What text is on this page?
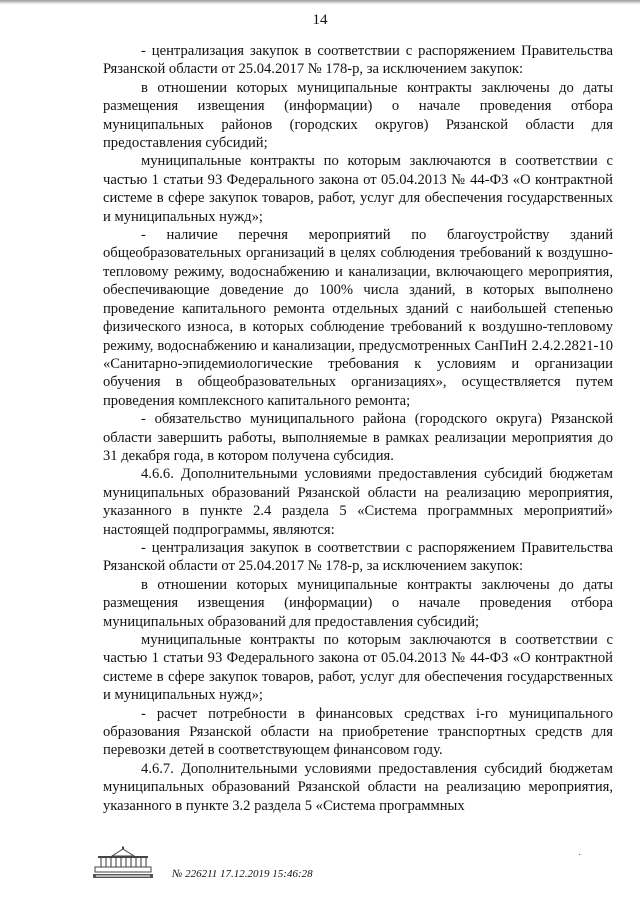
14

- централизация закупок в соответствии с распоряжением Правительства Рязанской области от 25.04.2017 № 178-р, за исключением закупок:

в отношении которых муниципальные контракты заключены до даты размещения извещения (информации) о начале проведения отбора муниципальных районов (городских округов) Рязанской области для предоставления субсидий;

муниципальные контракты по которым заключаются в соответствии с частью 1 статьи 93 Федерального закона от 05.04.2013 № 44-ФЗ «О контрактной системе в сфере закупок товаров, работ, услуг для обеспечения государственных и муниципальных нужд»;

- наличие перечня мероприятий по благоустройству зданий общеобразовательных организаций в целях соблюдения требований к воздушно-тепловому режиму, водоснабжению и канализации, включающего мероприятия, обеспечивающие доведение до 100% числа зданий, в которых выполнено проведение капитального ремонта отдельных зданий с наибольшей степенью физического износа, в которых соблюдение требований к воздушно-тепловому режиму, водоснабжению и канализации, предусмотренных СанПиН 2.4.2.2821-10 «Санитарно-эпидемиологические требования к условиям и организации обучения в общеобразовательных организациях», осуществляется путем проведения комплексного капитального ремонта;

- обязательство муниципального района (городского округа) Рязанской области завершить работы, выполняемые в рамках реализации мероприятия до 31 декабря года, в котором получена субсидия.

4.6.6. Дополнительными условиями предоставления субсидий бюджетам муниципальных образований Рязанской области на реализацию мероприятия, указанного в пункте 2.4 раздела 5 «Система программных мероприятий» настоящей подпрограммы, являются:

- централизация закупок в соответствии с распоряжением Правительства Рязанской области от 25.04.2017 № 178-р, за исключением закупок:

в отношении которых муниципальные контракты заключены до даты размещения извещения (информации) о начале проведения отбора муниципальных образований для предоставления субсидий;

муниципальные контракты по которым заключаются в соответствии с частью 1 статьи 93 Федерального закона от 05.04.2013 № 44-ФЗ «О контрактной системе в сфере закупок товаров, работ, услуг для обеспечения государственных и муниципальных нужд»;

- расчет потребности в финансовых средствах i-го муниципального образования Рязанской области на приобретение транспортных средств для перевозки детей в соответствующем финансовом году.

4.6.7. Дополнительными условиями предоставления субсидий бюджетам муниципальных образований Рязанской области на реализацию мероприятия, указанного в пункте 3.2 раздела 5 «Система программных

№ 226211 17.12.2019 15:46:28
·
